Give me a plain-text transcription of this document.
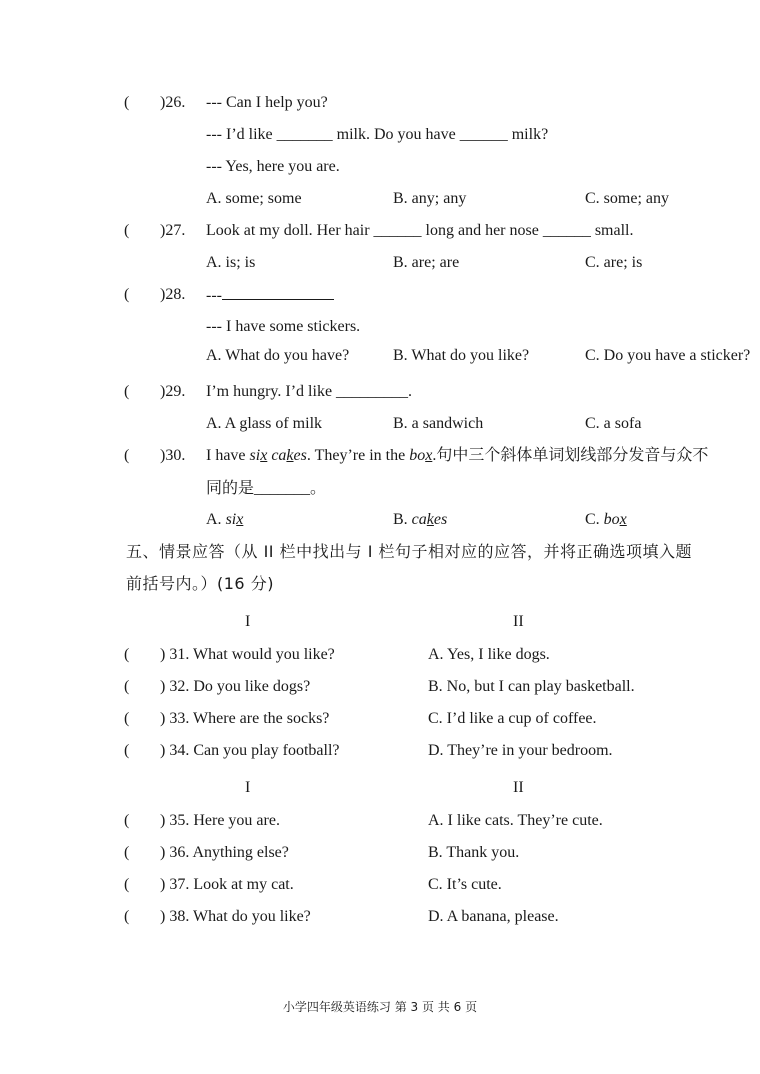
( )26. --- Can I help you?
--- I’d like _______ milk. Do you have ______ milk?
--- Yes, here you are.
A. some; some	B. any; any	C. some; any
( )27. Look at my doll. Her hair ______ long and her nose ______ small.
A. is; is	B. are; are	C. are; is
( )28. ---
--- I have some stickers.
A. What do you have?	B. What do you like?	C. Do you have a sticker?
( )29. I’m hungry. I’d like _________.
A. A glass of milk	B. a sandwich	C. a sofa
( )30. I have six cakes. They’re in the box.句中三个斜体单词划线部分发音与众不
同的是_______。
A. six	B. cakes	C. box
五、情景应答（从 II 栏中找出与 I 栏句子相对应的应答，并将正确选项填入题
前括号内。）(16 分)
I	II
( ) 31. What would you like?	A. Yes, I like dogs.
( ) 32. Do you like dogs?	B. No, but I can play basketball.
( ) 33. Where are the socks?	C. I’d like a cup of coffee.
( ) 34. Can you play football?	D. They’re in your bedroom.
I	II
( ) 35. Here you are.	A. I like cats. They’re cute.
( ) 36. Anything else?	B. Thank you.
( ) 37. Look at my cat.	C. It’s cute.
( ) 38. What do you like?	D. A banana, please.
小学四年级英语练习 第 3 页 共 6 页
